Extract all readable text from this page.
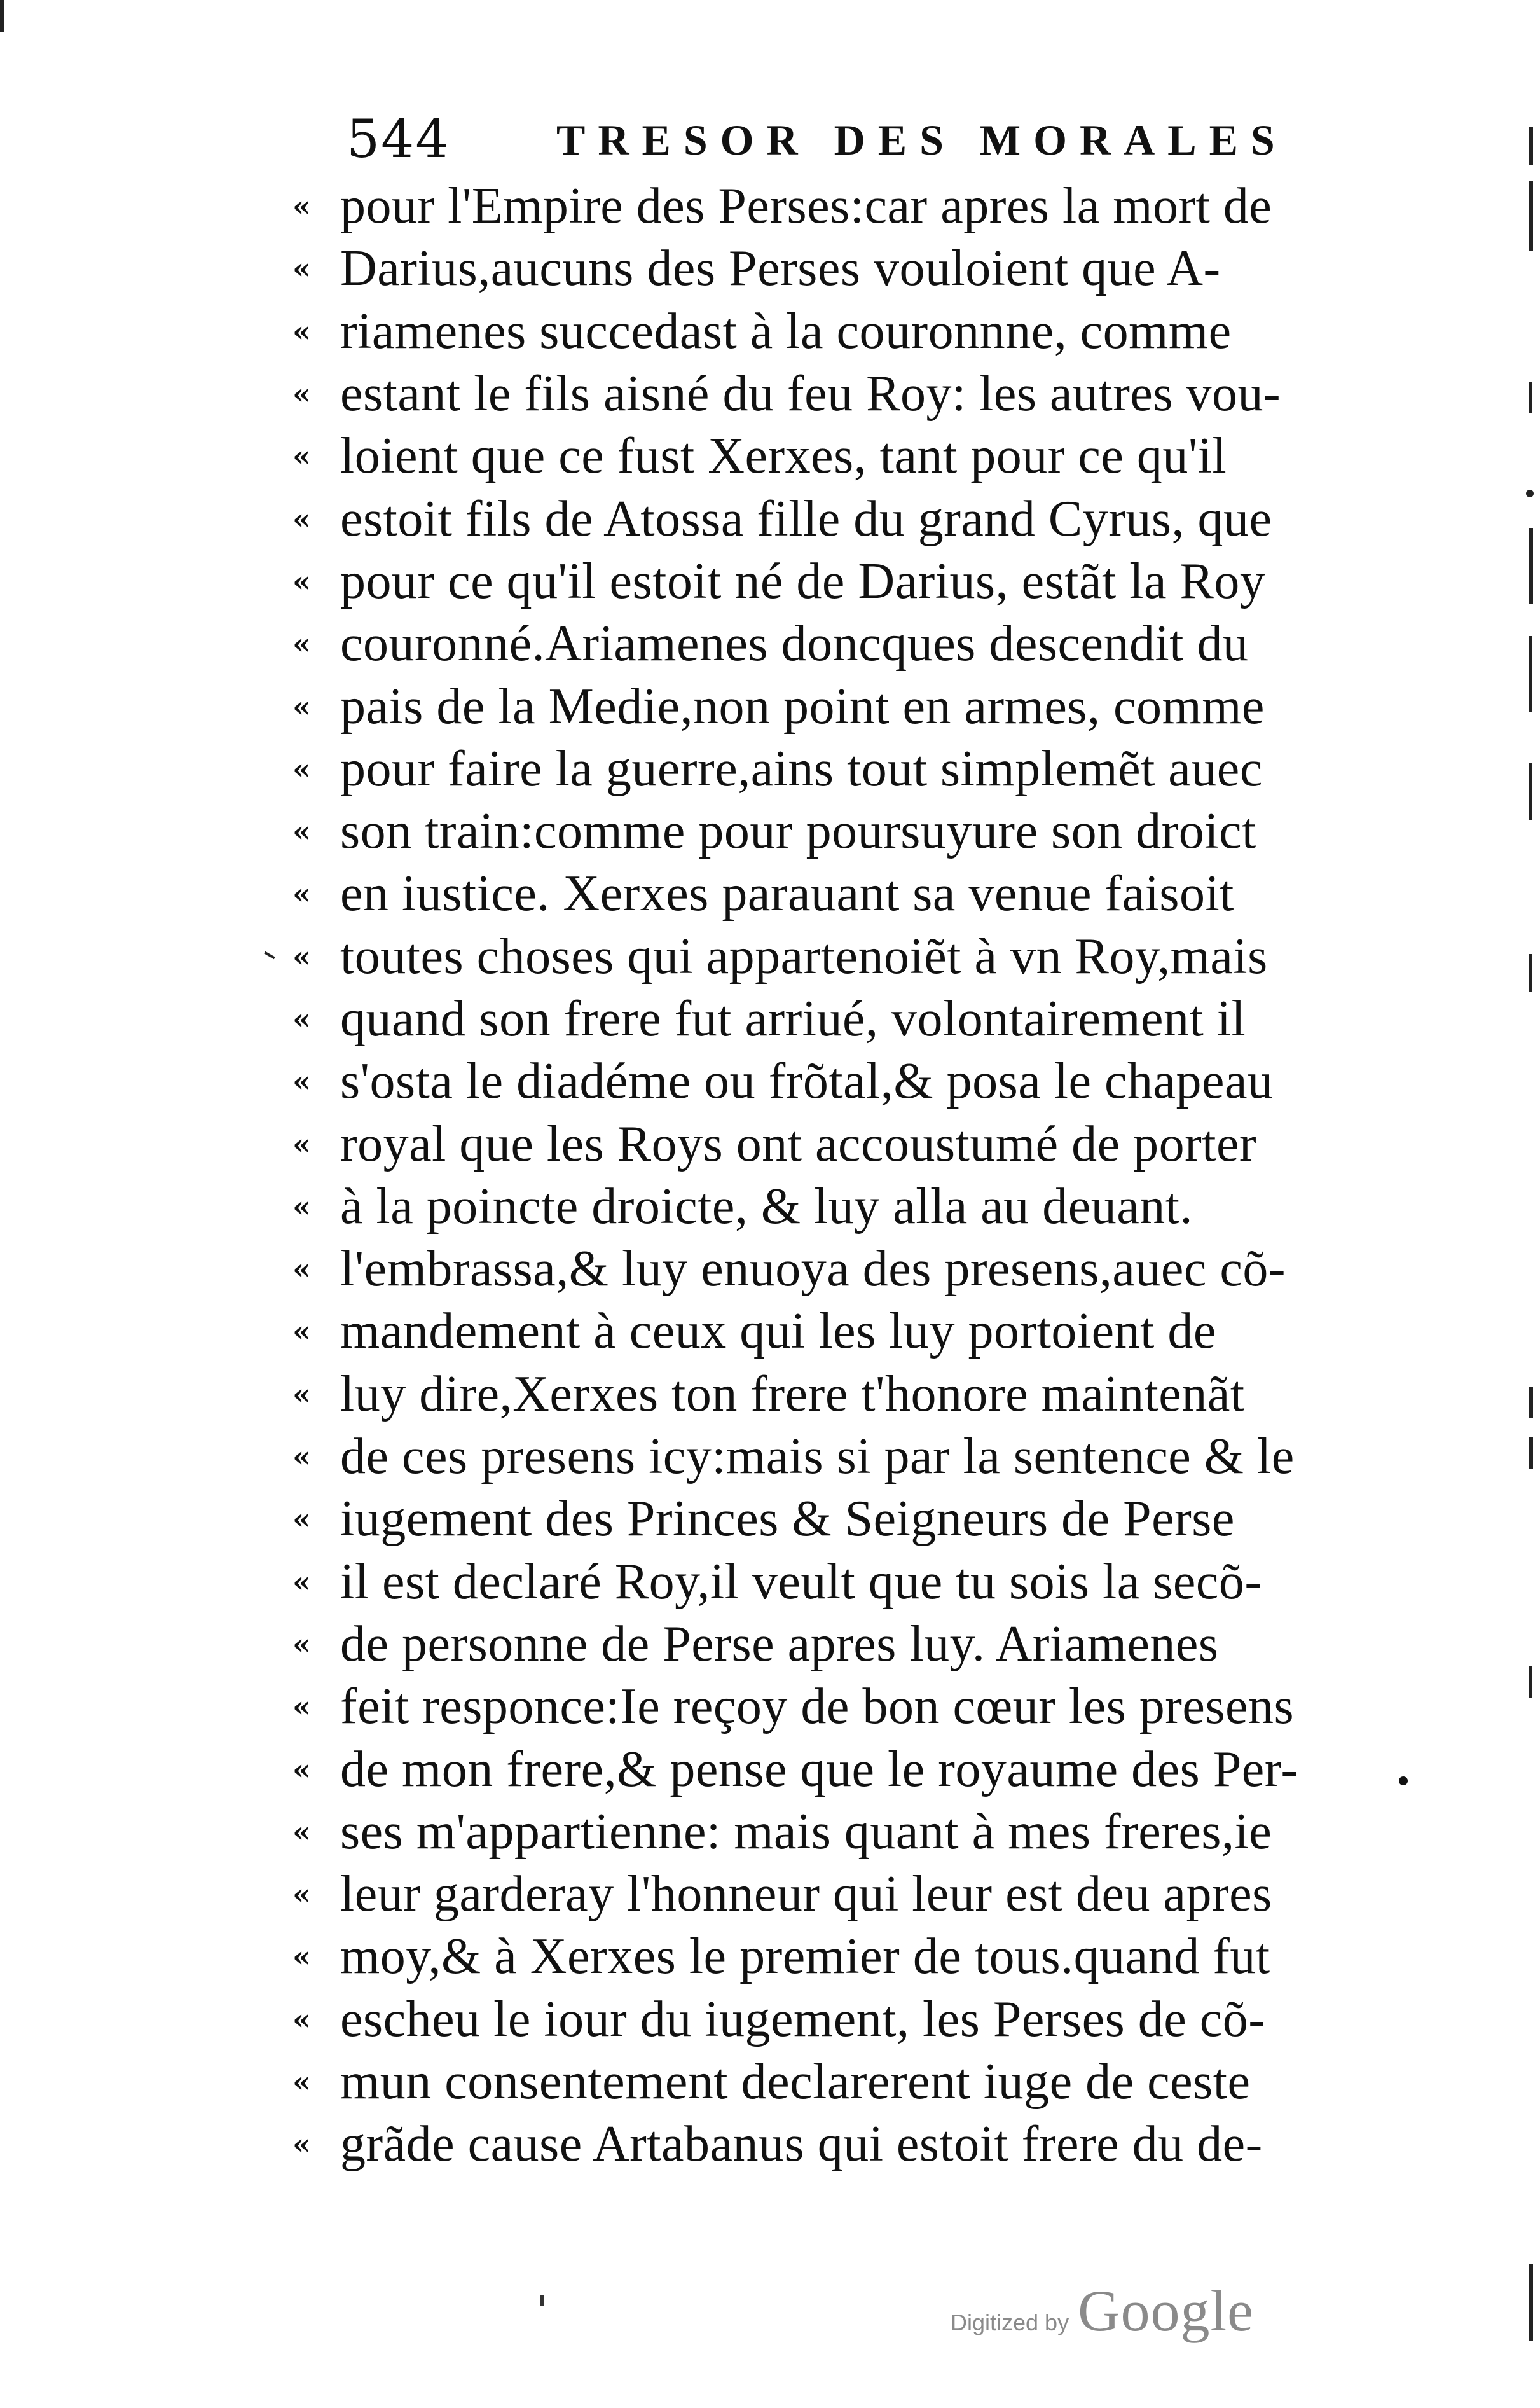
544 TRESOR DES MORALES
« pour l'Empire des Perses:car apres la mort de
« Darius,aucuns des Perses vouloient que A-
« riamenes succedast à la couronnne, comme
« estant le fils aisné du feu Roy: les autres vou-
« loient que ce fust Xerxes, tant pour ce qu'il
« estoit fils de Atossa fille du grand Cyrus, que
« pour ce qu'il estoit né de Darius, estãt la Roy
« couronné.Ariamenes doncques descendit du
« pais de la Medie,non point en armes, comme
« pour faire la guerre,ains tout simplemẽt auec
« son train:comme pour poursuyure son droict
« en iustice. Xerxes parauant sa venue faisoit
« toutes choses qui appartenoiẽt à vn Roy,mais
« quand son frere fut arriué, volontairement il
« s'osta le diadéme ou frõtal,& posa le chapeau
« royal que les Roys ont accoustumé de porter
« à la poincte droicte, & luy alla au deuant.
« l'embrassa,& luy enuoya des presens,auec cõ-
« mandement à ceux qui les luy portoient de
« luy dire,Xerxes ton frere t'honore maintenãt
« de ces presens icy:mais si par la sentence & le
« iugement des Princes & Seigneurs de Perse
« il est declaré Roy,il veult que tu sois la secõ-
« de personne de Perse apres luy. Ariamenes
« feit responce:Ie reçoy de bon cœur les presens
« de mon frere,& pense que le royaume des Per-
« ses m'appartienne: mais quant à mes freres,ie
« leur garderay l'honneur qui leur est deu apres
« moy,& à Xerxes le premier de tous.quand fut
« escheu le iour du iugement, les Perses de cõ-
« mun consentement declarerent iuge de ceste
« grãde cause Artabanus qui estoit frere du de-
Digitized by Google
